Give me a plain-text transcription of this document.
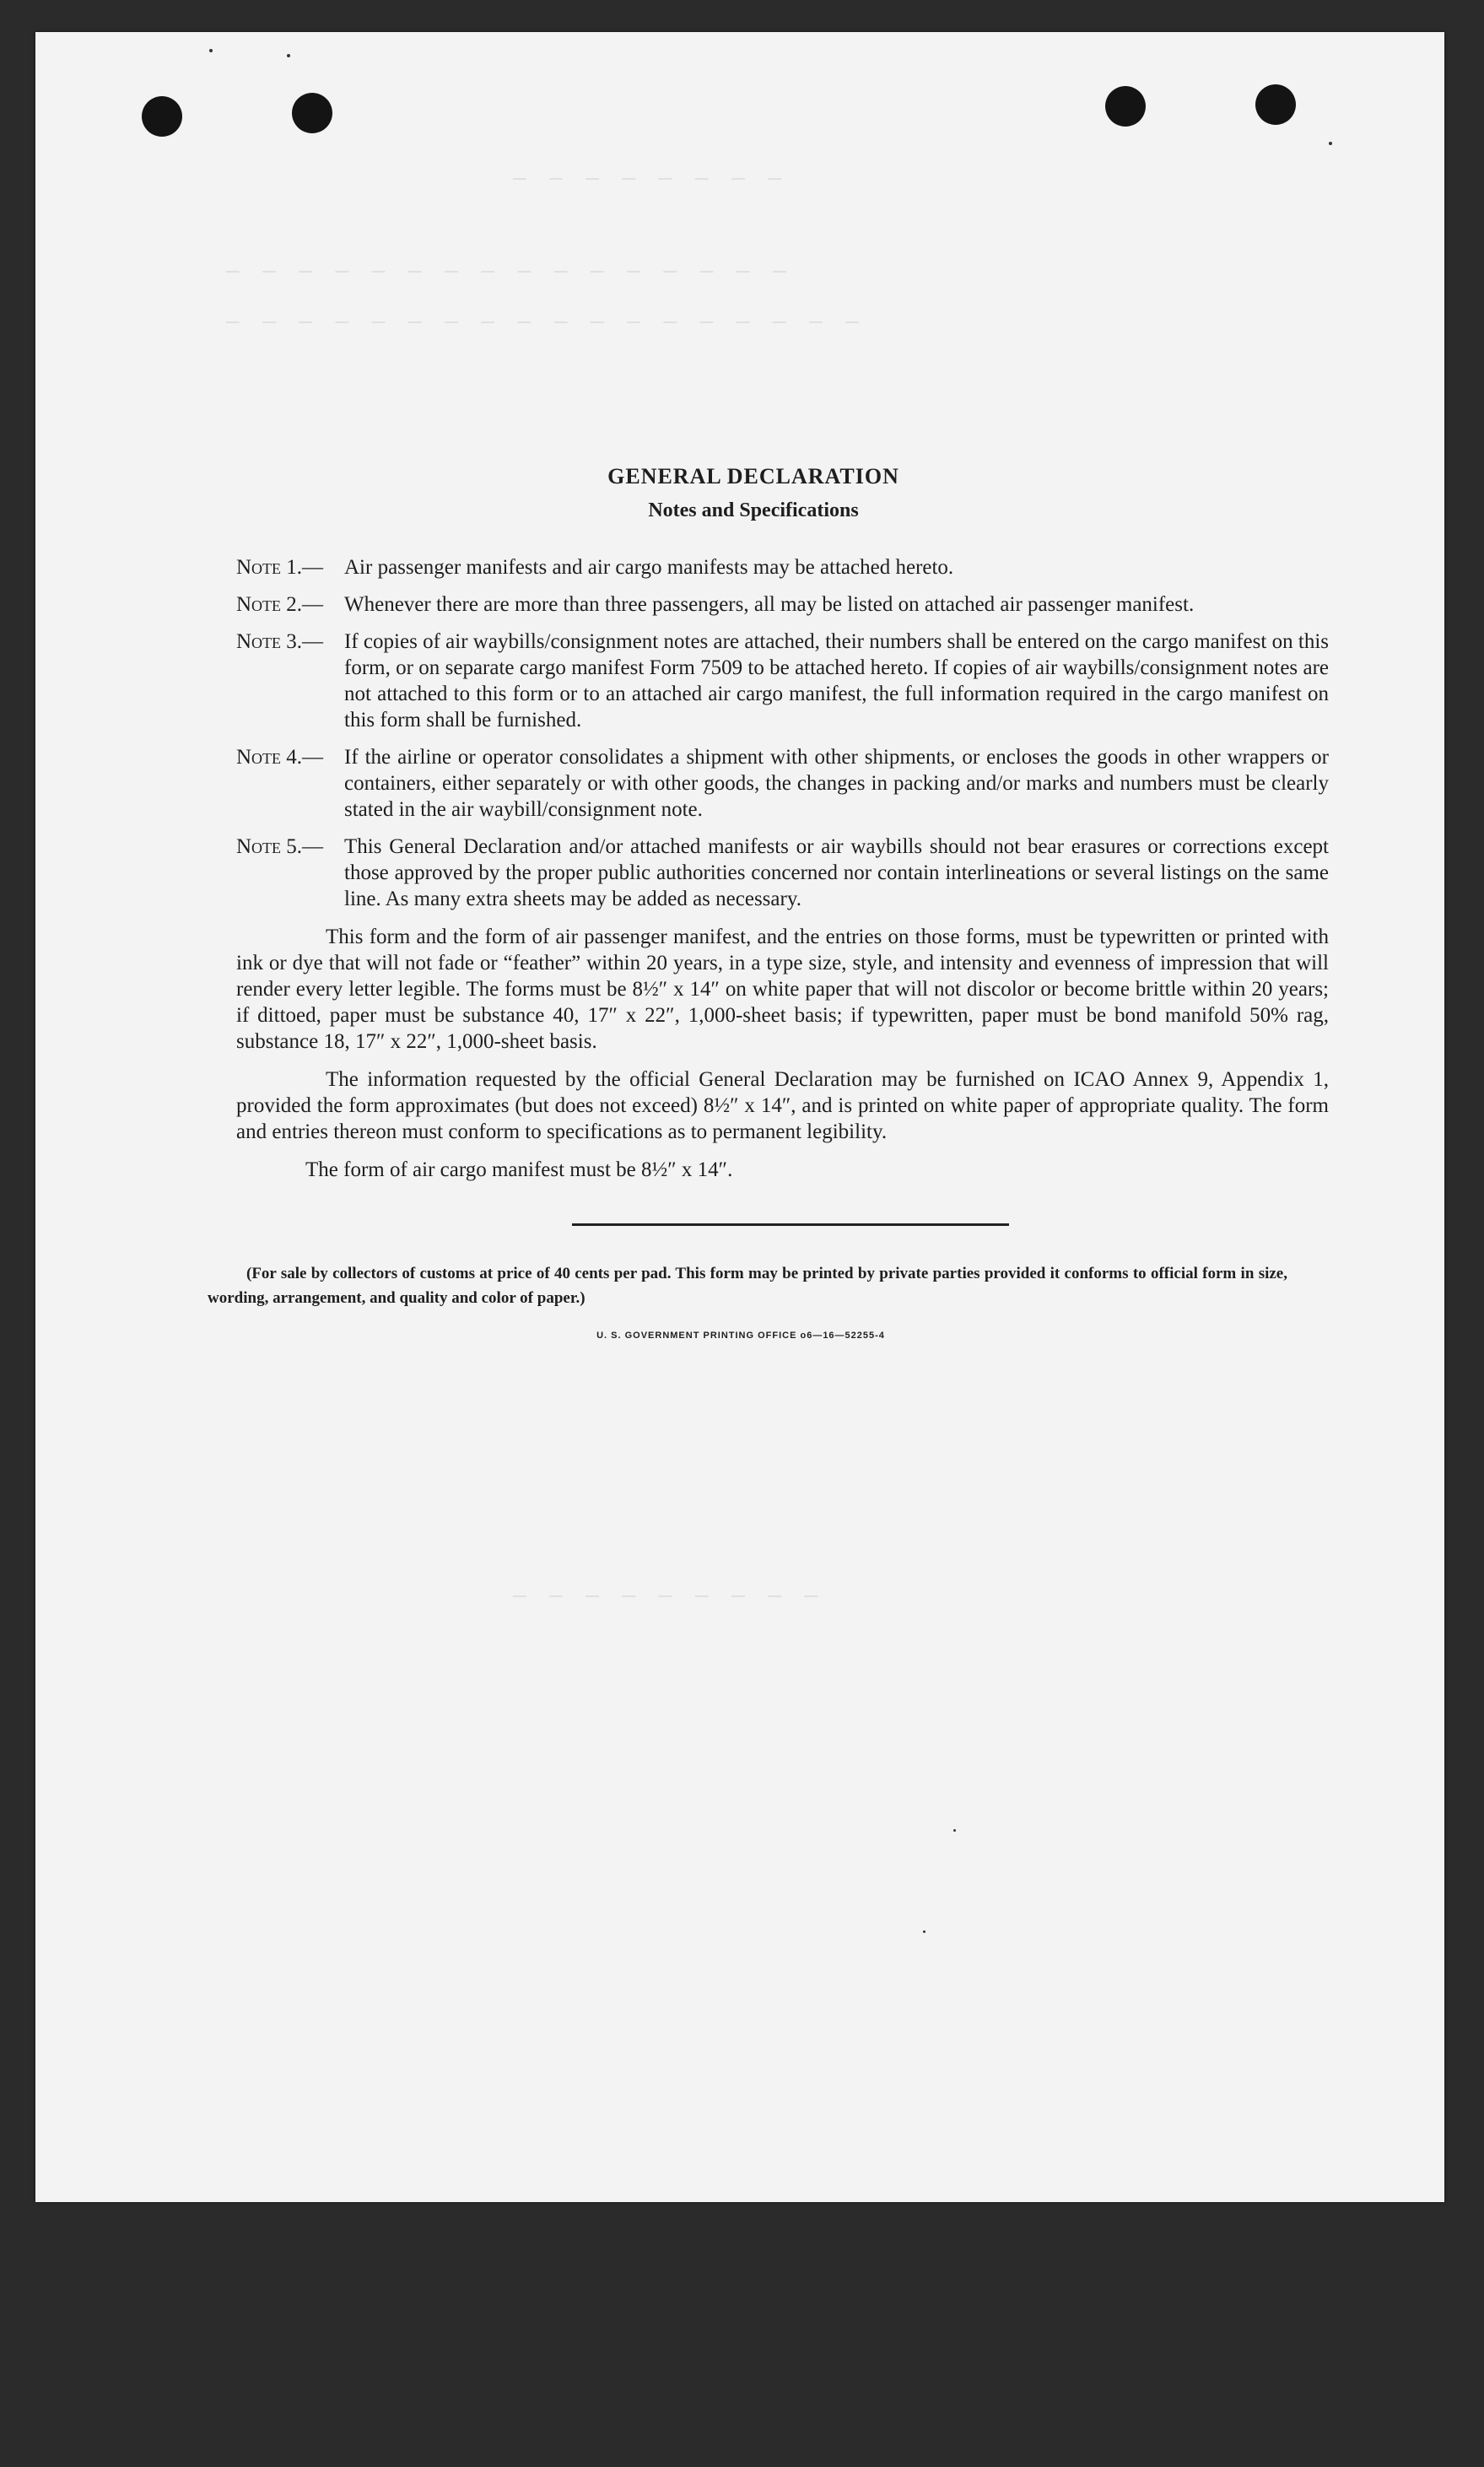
─ ─ ─ ─ ─ ─ ─ ─
─ ─ ─ ─ ─ ─ ─ ─ ─ ─ ─ ─ ─ ─ ─ ─
─ ─ ─ ─ ─ ─ ─ ─ ─ ─ ─ ─ ─ ─ ─ ─ ─ ─
─ ─ ─ ─ ─ ─ ─ ─ ─
GENERAL DECLARATION
Notes and Specifications
Note 1.— Air passenger manifests and air cargo manifests may be attached hereto.
Note 2.— Whenever there are more than three passengers, all may be listed on attached air passenger manifest.
Note 3.— If copies of air waybills/consignment notes are attached, their numbers shall be entered on the cargo manifest on this form, or on separate cargo manifest Form 7509 to be attached hereto. If copies of air waybills/consignment notes are not attached to this form or to an attached air cargo manifest, the full information required in the cargo manifest on this form shall be furnished.
Note 4.— If the airline or operator consolidates a shipment with other shipments, or encloses the goods in other wrappers or containers, either separately or with other goods, the changes in packing and/or marks and numbers must be clearly stated in the air waybill/consignment note.
Note 5.— This General Declaration and/or attached manifests or air waybills should not bear erasures or corrections except those approved by the proper public authorities concerned nor contain interlineations or several listings on the same line. As many extra sheets may be added as necessary.

This form and the form of air passenger manifest, and the entries on those forms, must be typewritten or printed with ink or dye that will not fade or “feather” within 20 years, in a type size, style, and intensity and evenness of impression that will render every letter legible. The forms must be 8½″ x 14″ on white paper that will not discolor or become brittle within 20 years; if dittoed, paper must be substance 40, 17″ x 22″, 1,000-sheet basis; if typewritten, paper must be bond manifold 50% rag, substance 18, 17″ x 22″, 1,000-sheet basis.

The information requested by the official General Declaration may be furnished on ICAO Annex 9, Appendix 1, provided the form approximates (but does not exceed) 8½″ x 14″, and is printed on white paper of appropriate quality. The form and entries thereon must conform to specifications as to permanent legibility.

The form of air cargo manifest must be 8½″ x 14″.

(For sale by collectors of customs at price of 40 cents per pad. This form may be printed by private parties provided it conforms to official form in size, wording, arrangement, and quality and color of paper.)

U. S. GOVERNMENT PRINTING OFFICE o6—16—52255-4
